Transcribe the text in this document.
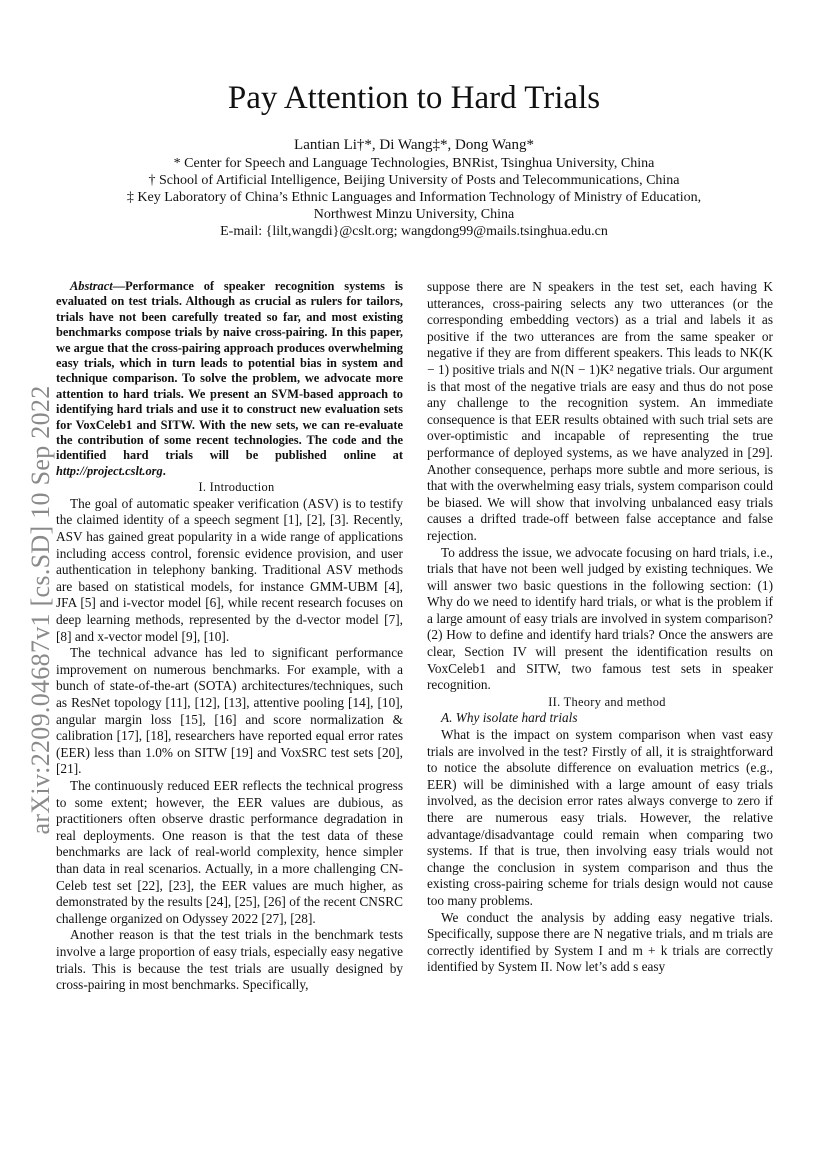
arXiv:2209.04687v1 [cs.SD] 10 Sep 2022
Pay Attention to Hard Trials
Lantian Li†*, Di Wang‡*, Dong Wang*
* Center for Speech and Language Technologies, BNRist, Tsinghua University, China
† School of Artificial Intelligence, Beijing University of Posts and Telecommunications, China
‡ Key Laboratory of China’s Ethnic Languages and Information Technology of Ministry of Education,
Northwest Minzu University, China
E-mail: {lilt,wangdi}@cslt.org; wangdong99@mails.tsinghua.edu.cn

Abstract—Performance of speaker recognition systems is evaluated on test trials. Although as crucial as rulers for tailors, trials have not been carefully treated so far, and most existing benchmarks compose trials by naive cross-pairing. In this paper, we argue that the cross-pairing approach produces overwhelming easy trials, which in turn leads to potential bias in system and technique comparison. To solve the problem, we advocate more attention to hard trials. We present an SVM-based approach to identifying hard trials and use it to construct new evaluation sets for VoxCeleb1 and SITW. With the new sets, we can re-evaluate the contribution of some recent technologies. The code and the identified hard trials will be published online at http://project.cslt.org.

I. Introduction

The goal of automatic speaker verification (ASV) is to testify the claimed identity of a speech segment [1], [2], [3]. Recently, ASV has gained great popularity in a wide range of applications including access control, forensic evidence provision, and user authentication in telephony banking. Traditional ASV methods are based on statistical models, for instance GMM-UBM [4], JFA [5] and i-vector model [6], while recent research focuses on deep learning methods, represented by the d-vector model [7], [8] and x-vector model [9], [10].

The technical advance has led to significant performance improvement on numerous benchmarks. For example, with a bunch of state-of-the-art (SOTA) architectures/techniques, such as ResNet topology [11], [12], [13], attentive pooling [14], [10], angular margin loss [15], [16] and score normalization & calibration [17], [18], researchers have reported equal error rates (EER) less than 1.0% on SITW [19] and VoxSRC test sets [20], [21].

The continuously reduced EER reflects the technical progress to some extent; however, the EER values are dubious, as practitioners often observe drastic performance degradation in real deployments. One reason is that the test data of these benchmarks are lack of real-world complexity, hence simpler than data in real scenarios. Actually, in a more challenging CN-Celeb test set [22], [23], the EER values are much higher, as demonstrated by the results [24], [25], [26] of the recent CNSRC challenge organized on Odyssey 2022 [27], [28].

Another reason is that the test trials in the benchmark tests involve a large proportion of easy trials, especially easy negative trials. This is because the test trials are usually designed by cross-pairing in most benchmarks. Specifically,

suppose there are N speakers in the test set, each having K utterances, cross-pairing selects any two utterances (or the corresponding embedding vectors) as a trial and labels it as positive if the two utterances are from the same speaker or negative if they are from different speakers. This leads to NK(K − 1) positive trials and N(N − 1)K² negative trials. Our argument is that most of the negative trials are easy and thus do not pose any challenge to the recognition system. An immediate consequence is that EER results obtained with such trial sets are over-optimistic and incapable of representing the true performance of deployed systems, as we have analyzed in [29]. Another consequence, perhaps more subtle and more serious, is that with the overwhelming easy trials, system comparison could be biased. We will show that involving unbalanced easy trials causes a drifted trade-off between false acceptance and false rejection.

To address the issue, we advocate focusing on hard trials, i.e., trials that have not been well judged by existing techniques. We will answer two basic questions in the following section: (1) Why do we need to identify hard trials, or what is the problem if a large amount of easy trials are involved in system comparison? (2) How to define and identify hard trials? Once the answers are clear, Section IV will present the identification results on VoxCeleb1 and SITW, two famous test sets in speaker recognition.

II. Theory and method

A. Why isolate hard trials

What is the impact on system comparison when vast easy trials are involved in the test? Firstly of all, it is straightforward to notice the absolute difference on evaluation metrics (e.g., EER) will be diminished with a large amount of easy trials involved, as the decision error rates always converge to zero if there are numerous easy trials. However, the relative advantage/disadvantage could remain when comparing two systems. If that is true, then involving easy trials would not change the conclusion in system comparison and thus the existing cross-pairing scheme for trials design would not cause too many problems.

We conduct the analysis by adding easy negative trials. Specifically, suppose there are N negative trials, and m trials are correctly identified by System I and m + k trials are correctly identified by System II. Now let’s add s easy
